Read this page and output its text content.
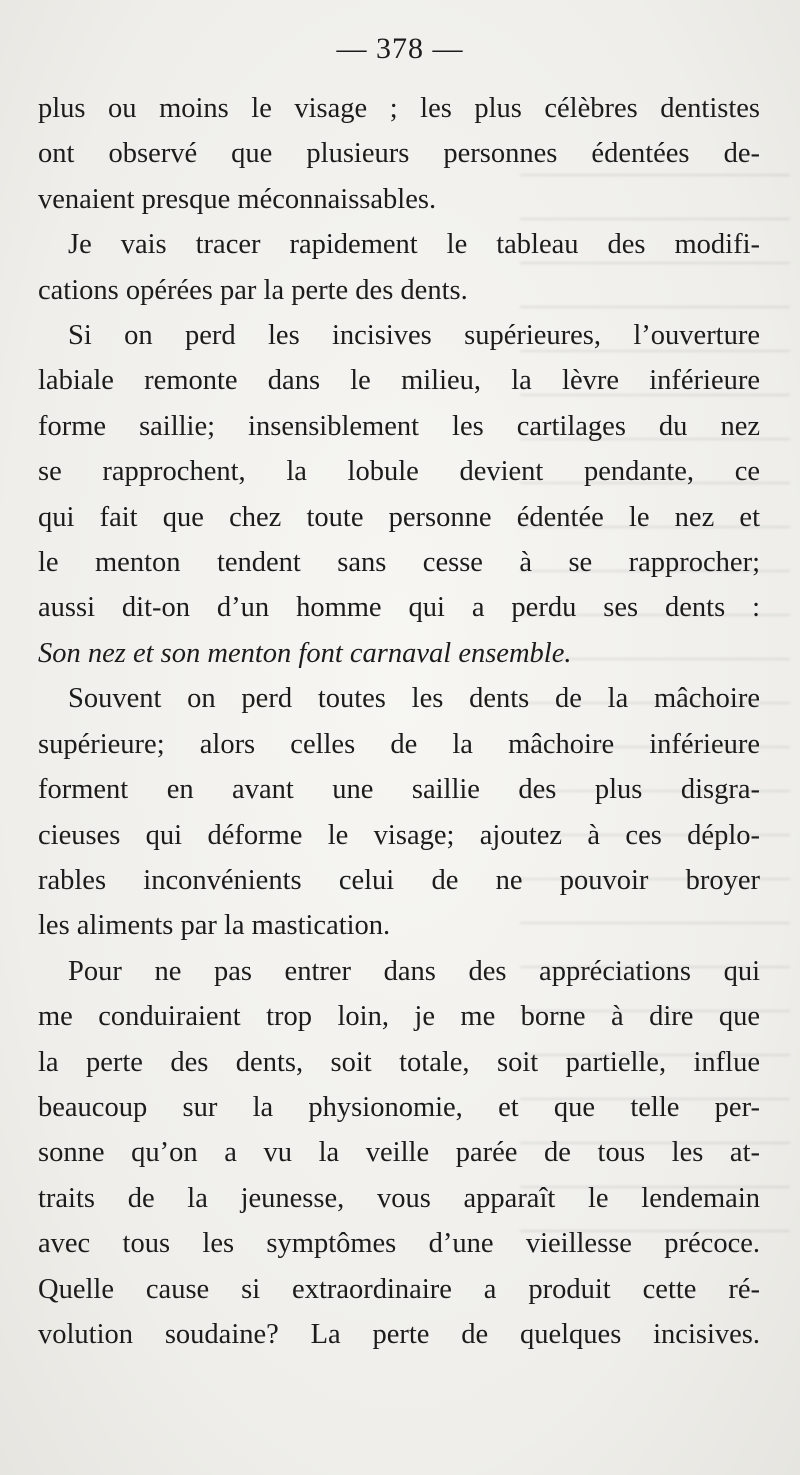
— 378 —

plus ou moins le visage ; les plus célèbres dentistes
ont observé que plusieurs personnes édentées de-
venaient presque méconnaissables.

Je vais tracer rapidement le tableau des modifi-
cations opérées par la perte des dents.

Si on perd les incisives supérieures, l’ouverture
labiale remonte dans le milieu, la lèvre inférieure
forme saillie; insensiblement les cartilages du nez
se rapprochent, la lobule devient pendante, ce
qui fait que chez toute personne édentée le nez et
le menton tendent sans cesse à se rapprocher;
aussi dit-on d’un homme qui a perdu ses dents :
Son nez et son menton font carnaval ensemble.

Souvent on perd toutes les dents de la mâchoire
supérieure; alors celles de la mâchoire inférieure
forment en avant une saillie des plus disgra-
cieuses qui déforme le visage; ajoutez à ces déplo-
rables inconvénients celui de ne pouvoir broyer
les aliments par la mastication.

Pour ne pas entrer dans des appréciations qui
me conduiraient trop loin, je me borne à dire que
la perte des dents, soit totale, soit partielle, influe
beaucoup sur la physionomie, et que telle per-
sonne qu’on a vu la veille parée de tous les at-
traits de la jeunesse, vous apparaît le lendemain
avec tous les symptômes d’une vieillesse précoce.
Quelle cause si extraordinaire a produit cette ré-
volution soudaine? La perte de quelques incisives.
